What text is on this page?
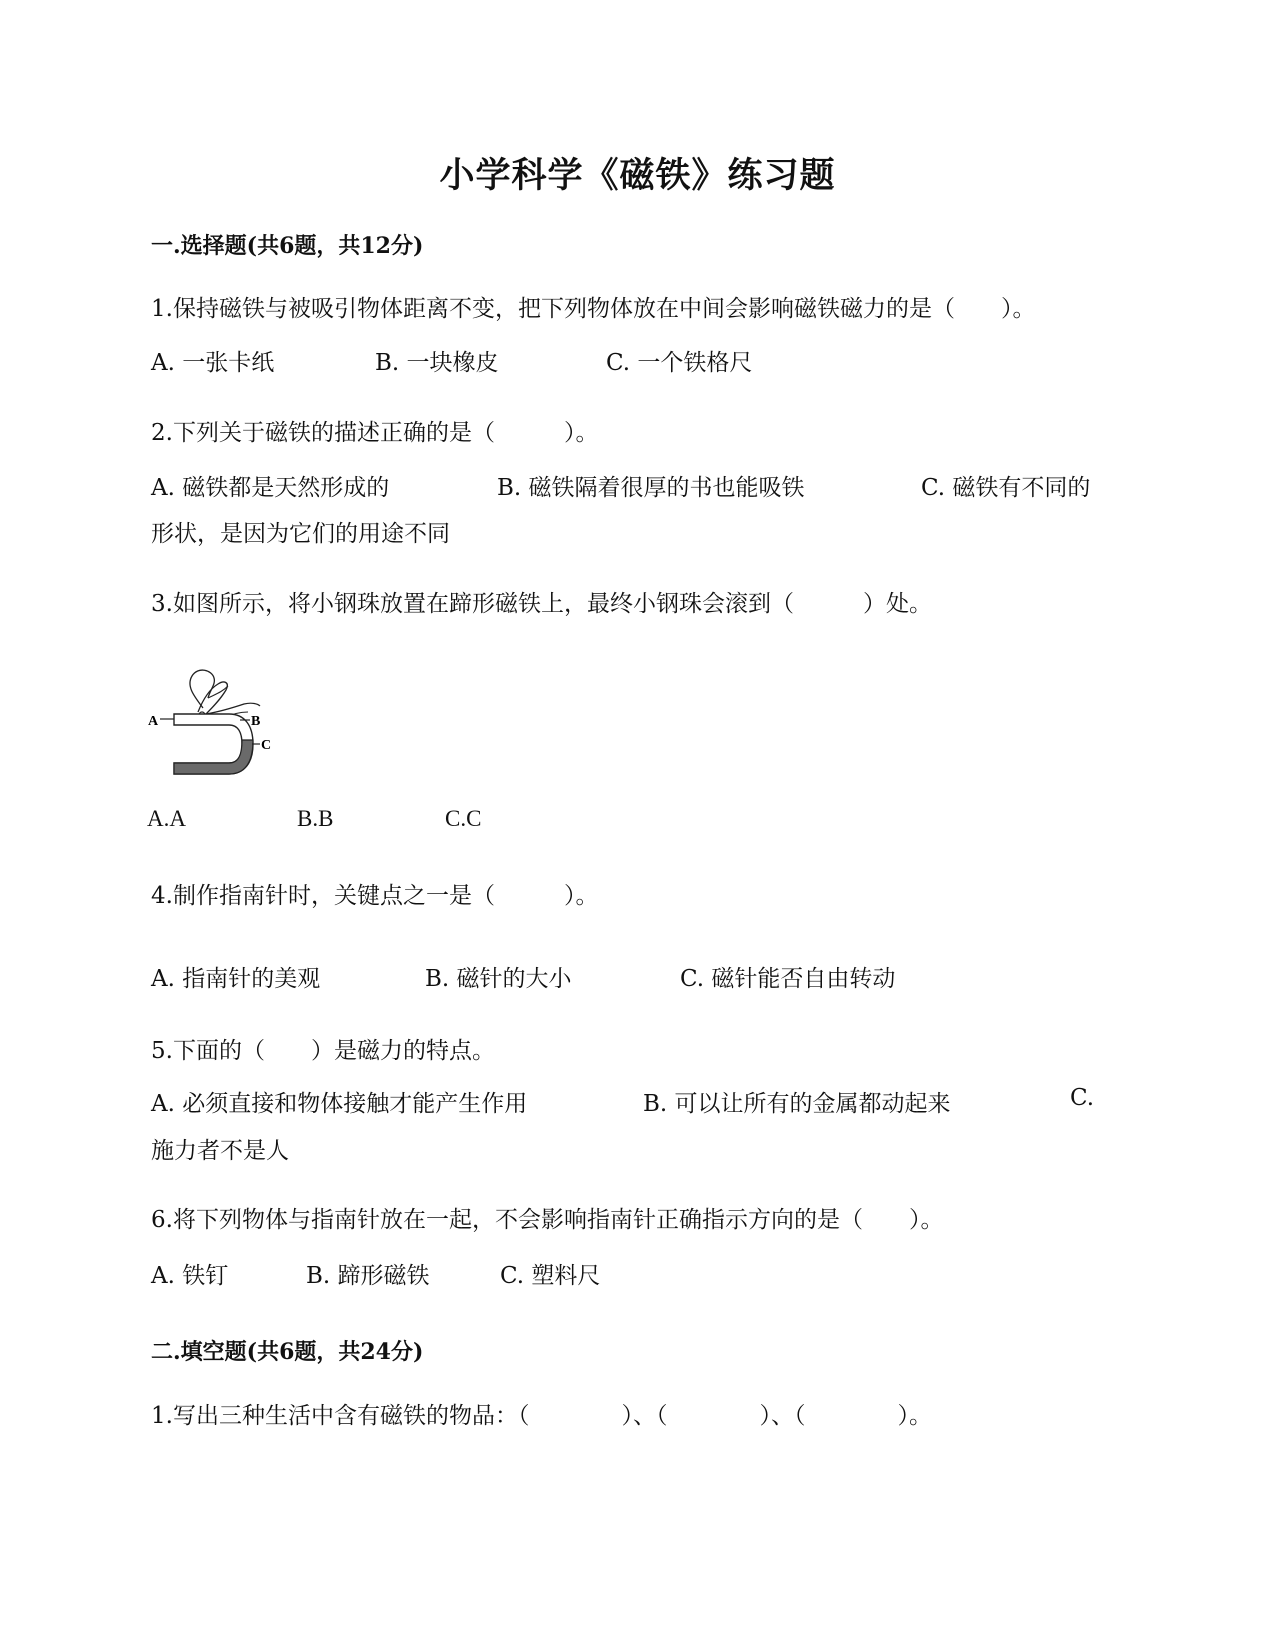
小学科学《磁铁》练习题
一.选择题(共6题，共12分)
1.保持磁铁与被吸引物体距离不变，把下列物体放在中间会影响磁铁磁力的是（　　）。
A. 一张卡纸	B. 一块橡皮	C. 一个铁格尺
2.下列关于磁铁的描述正确的是（　　　）。
A. 磁铁都是天然形成的	B. 磁铁隔着很厚的书也能吸铁	C. 磁铁有不同的
形状，是因为它们的用途不同
3.如图所示，将小钢珠放置在蹄形磁铁上，最终小钢珠会滚到（　　　）处。
A	B
C
A.A	B.B	C.C
4.制作指南针时，关键点之一是（　　　）。
A. 指南针的美观	B. 磁针的大小	C. 磁针能否自由转动
5.下面的（　　）是磁力的特点。
A. 必须直接和物体接触才能产生作用	B. 可以让所有的金属都动起来	C.
施力者不是人
6.将下列物体与指南针放在一起，不会影响指南针正确指示方向的是（　　）。
A. 铁钉	B. 蹄形磁铁	C. 塑料尺
二.填空题(共6题，共24分)
1.写出三种生活中含有磁铁的物品：（　　　　）、（　　　　）、（　　　　）。
